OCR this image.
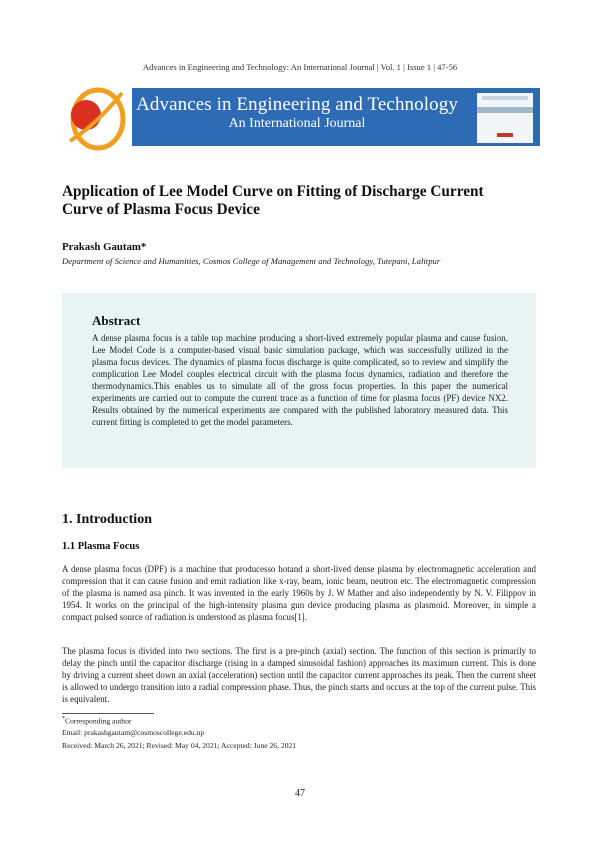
Advances in Engineering and Technology: An International Journal | Vol. 1 | Issue 1 | 47-56
Advances in Engineering and Technology
An International Journal
Application of Lee Model Curve on Fitting of Discharge Current Curve of Plasma Focus Device
Prakash Gautam*
Department of Science and Humanities, Cosmos College of Management and Technology, Tutepani, Lalitpur
Abstract
A dense plasma focus is a table top machine producing a short-lived extremely popular plasma and cause fusion. Lee Model Code is a computer-based visual basic simulation package, which was successfully utilized in the plasma focus devices. The dynamics of plasma focus discharge is quite complicated, so to review and simplify the complication Lee Model couples electrical circuit with the plasma focus dynamics, radiation and therefore the thermodynamics.This enables us to simulate all of the gross focus properties. In this paper the numerical experiments are carried out to compute the current trace as a function of time for plasma focus (PF) device NX2. Results obtained by the numerical experiments are compared with the published laboratory measured data. This current fitting is completed to get the model parameters.
1. Introduction
1.1 Plasma Focus

A dense plasma focus (DPF) is a machine that producesso hotand a short-lived dense plasma by electromagnetic acceleration and compression that it can cause fusion and emit radiation like x-ray, beam, ionic beam, neutron etc. The electromagnetic compression of the plasma is named asa pinch. It was invented in the early 1960s by J. W Mather and also independently by N. V. Filippov in 1954. It works on the principal of the high-intensity plasma gun device producing plasma as plasmoid. Moreover, in simple a compact pulsed source of radiation is understood as plasma focus[1].

The plasma focus is divided into two sections. The first is a pre-pinch (axial) section. The function of this section is primarily to delay the pinch until the capacitor discharge (rising in a damped sinusoidal fashion) approaches its maximum current. This is done by driving a current sheet down an axial (acceleration) section until the capacitor current approaches its peak. Then the current sheet is allowed to undergo transition into a radial compression phase. Thus, the pinch starts and occurs at the top of the current pulse. This is equivalent.

*Corresponding author
Email: prakashgautam@cosmoscollege.edu.np
Received: March 26, 2021; Revised: May 04, 2021; Accepted: June 26, 2021
47
